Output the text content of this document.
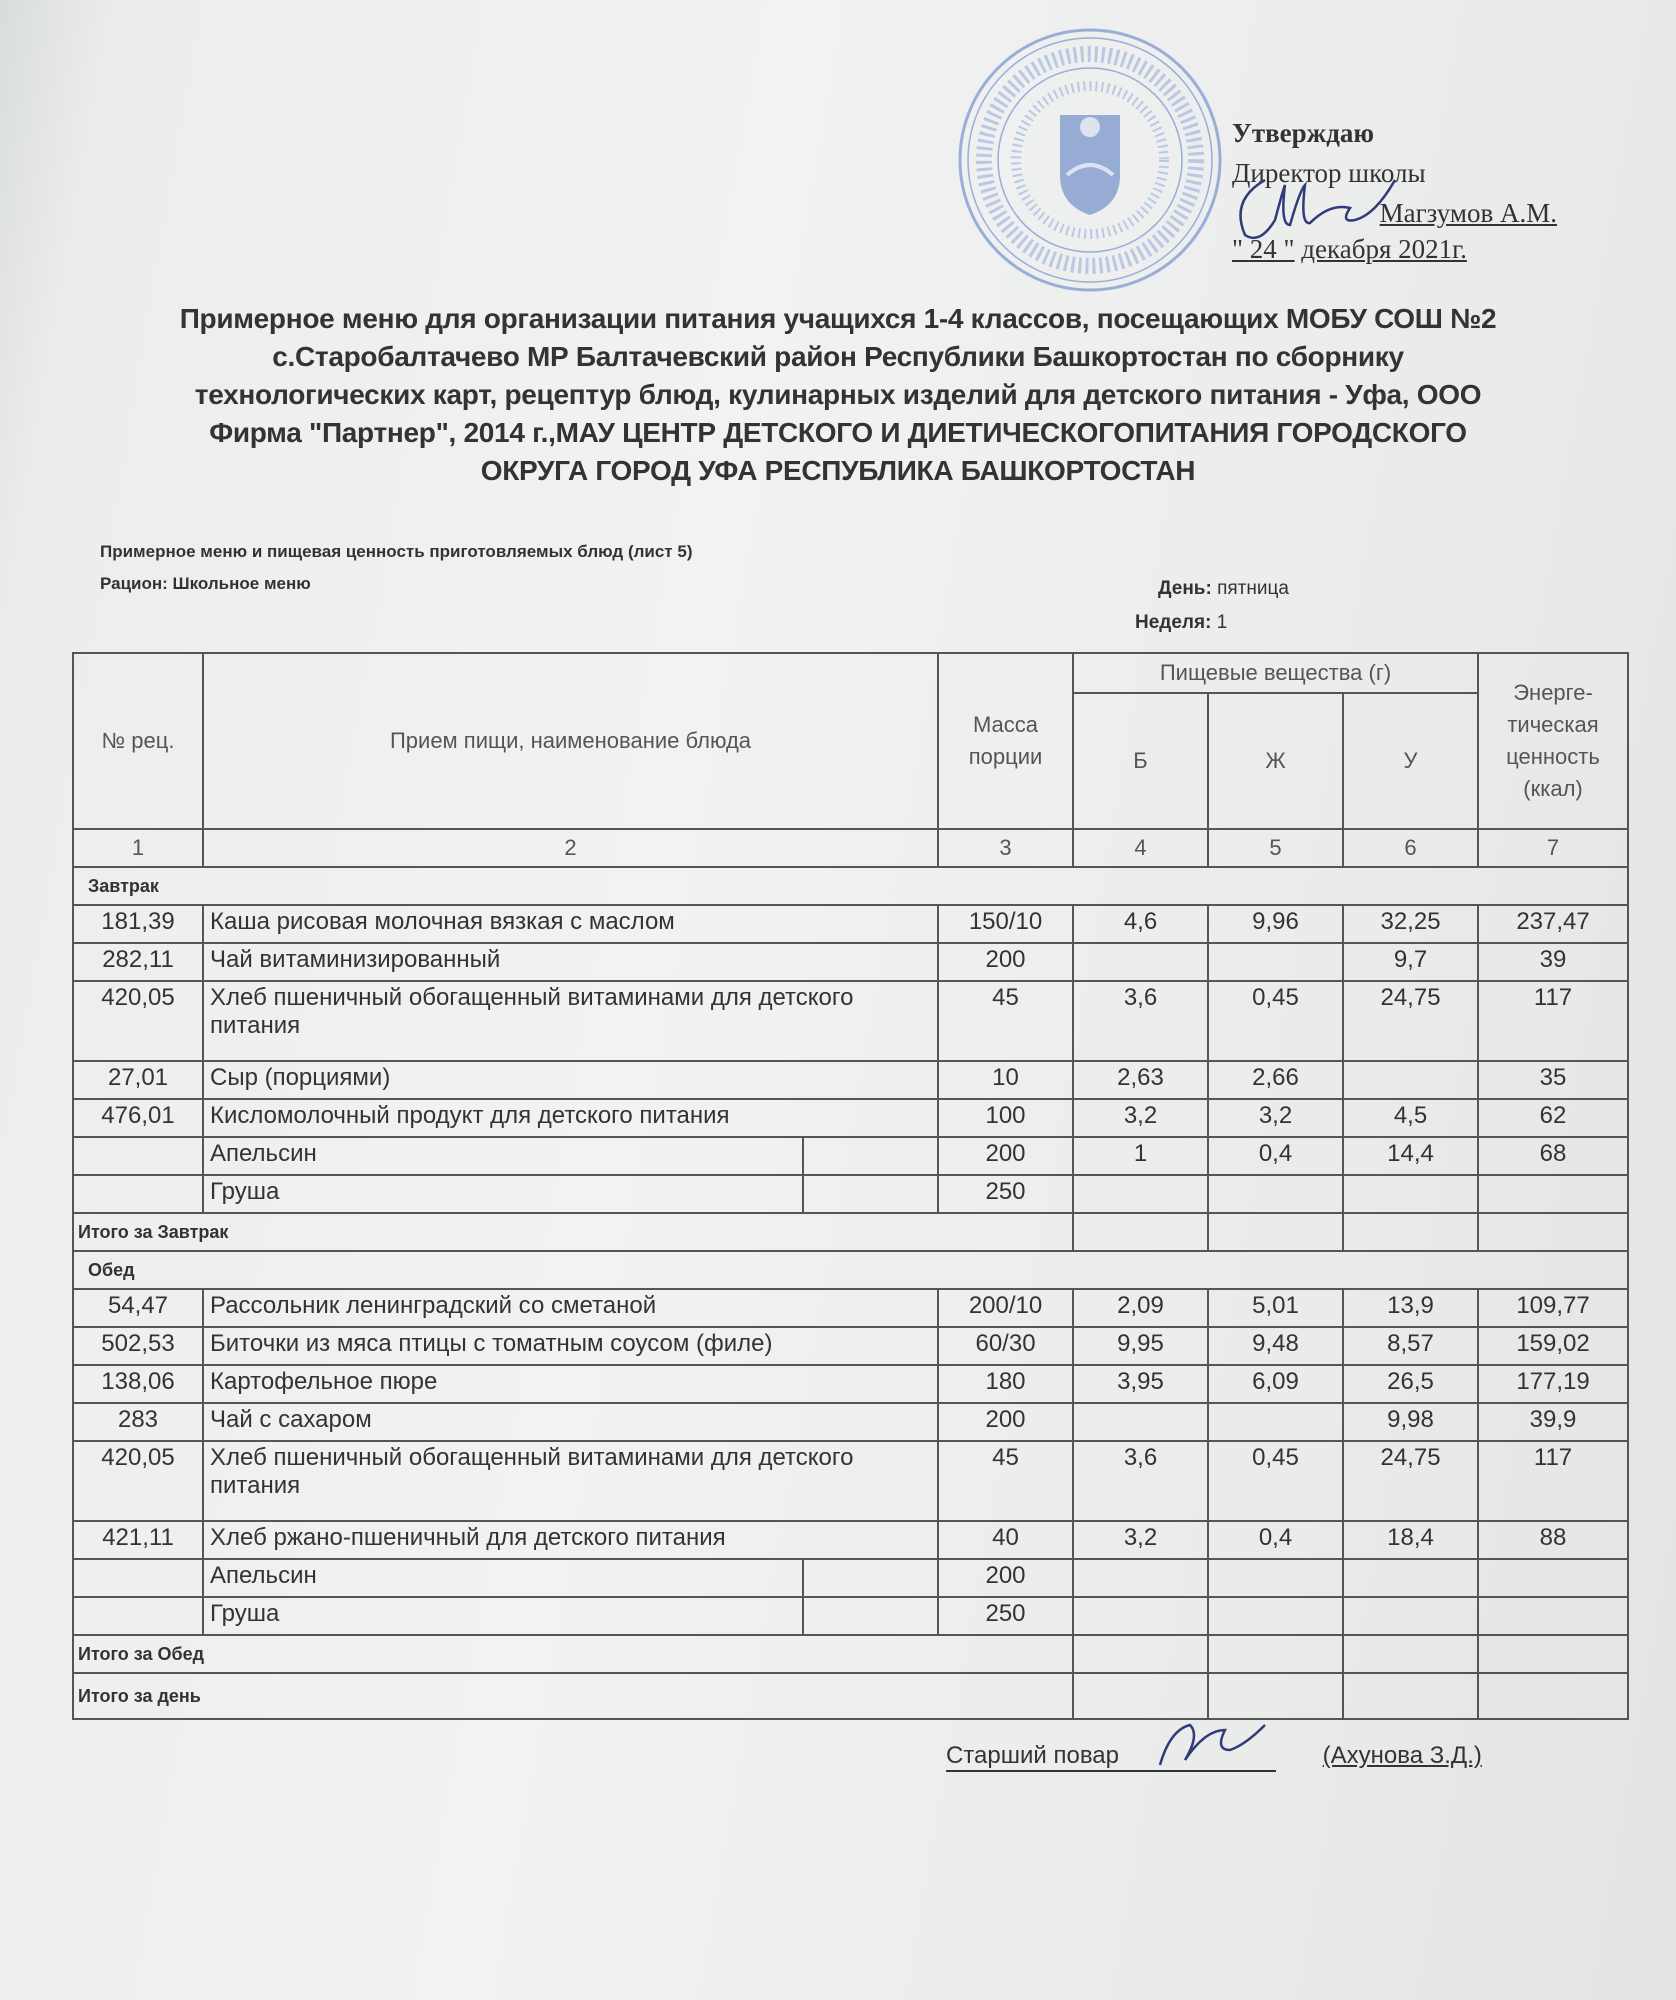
Утверждаю
Директор школы
Магзумов А.М.
" 24 " декабря 2021г.
Примерное меню для организации питания учащихся 1-4 классов, посещающих МОБУ СОШ №2
с.Старобалтачево МР Балтачевский район Республики Башкортостан по сборнику
технологических карт, рецептур блюд, кулинарных изделий для детского питания - Уфа, ООО
Фирма "Партнер", 2014 г.,МАУ ЦЕНТР ДЕТСКОГО И ДИЕТИЧЕСКОГОПИТАНИЯ ГОРОДСКОГО
ОКРУГА ГОРОД УФА РЕСПУБЛИКА БАШКОРТОСТАН
Примерное меню и пищевая ценность приготовляемых блюд (лист 5)
Рацион: Школьное меню	День: пятница
Неделя: 1
№ рец.	Прием пищи, наименование блюда		Масса порции	Пищевые вещества (г)			Энерге-тическая ценность (ккал)
				Б	Ж	У	
1	2		3	4	5	6	7
Завтрак							
181,39	Каша рисовая молочная вязкая с маслом		150/10	4,6	9,96	32,25	237,47
282,11	Чай витаминизированный		200			9,7	39
420,05	Хлеб пшеничный обогащенный витаминами для детского питания		45	3,6	0,45	24,75	117
27,01	Сыр (порциями)		10	2,63	2,66		35
476,01	Кисломолочный продукт для детского питания		100	3,2	3,2	4,5	62
	Апельсин		200	1	0,4	14,4	68
	Груша		250				
Итого за Завтрак							
Обед							
54,47	Рассольник ленинградский со сметаной		200/10	2,09	5,01	13,9	109,77
502,53	Биточки из мяса птицы с томатным соусом (филе)		60/30	9,95	9,48	8,57	159,02
138,06	Картофельное пюре		180	3,95	6,09	26,5	177,19
283	Чай с сахаром		200			9,98	39,9
420,05	Хлеб пшеничный обогащенный витаминами для детского питания		45	3,6	0,45	24,75	117
421,11	Хлеб ржано-пшеничный для детского питания		40	3,2	0,4	18,4	88
	Апельсин		200				
	Груша		250				
Итого за Обед							
Итого за день							
Старший повар	(Ахунова З.Д.)
